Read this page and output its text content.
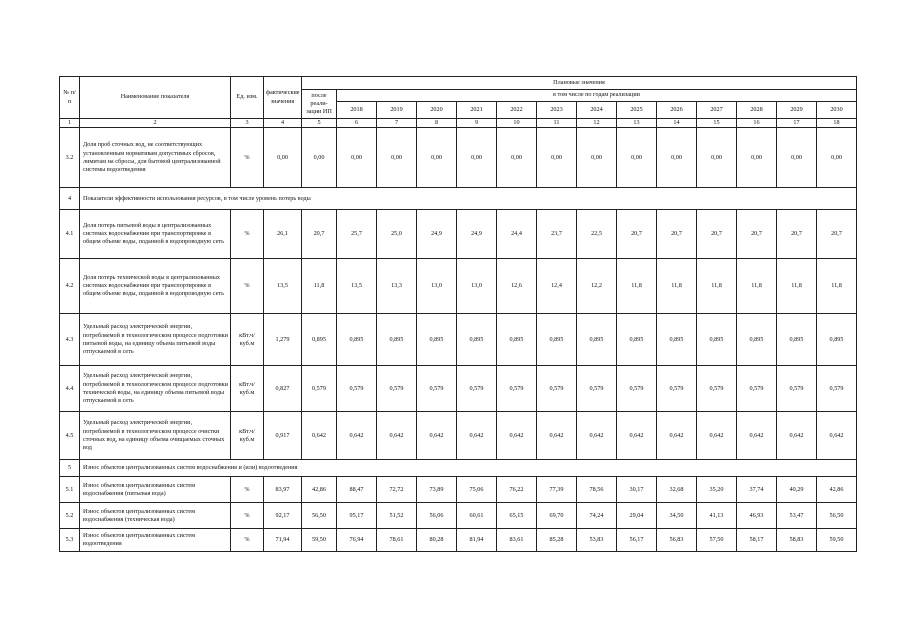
№ п/п	Наименование показателя	Ед. изм.	фактические значения	Плановые значения													
				после реали-зации ИП	в том числе по годам реализации												
					2018	2019	2020	2021	2022	2023	2024	2025	2026	2027	2028	2029	2030
1	2	3	4	5	6	7	8	9	10	11	12	13	14	15	16	17	18
3.2	Доля проб сточных вод, не соответствующих установленным нормативам допустимых сбросов, лимитам на сбросы, для бытовой централизованной системы водоотведения	%	0,00	0,00	0,00	0,00	0,00	0,00	0,00	0,00	0,00	0,00	0,00	0,00	0,00	0,00	0,00
4	Показатели эффективности использования ресурсов, в том числе уровень потерь воды																
4.1	Доля потерь питьевой воды в централизованных системах водоснабжения при транспортировке в общем объеме воды, поданной в водопроводную сеть	%	26,1	20,7	25,7	25,0	24,9	24,9	24,4	23,7	22,5	20,7	20,7	20,7	20,7	20,7	20,7
4.2	Доля потерь технической воды в централизованных системах водоснабжения при транспортировке в общем объеме воды, поданной в водопроводную сеть	%	13,5	11,8	13,5	13,3	13,0	13,0	12,6	12,4	12,2	11,8	11,8	11,8	11,8	11,8	11,8
4.3	Удельный расход электрической энергии, потребляемой в технологическом процессе подготовки питьевой воды, на единицу объема питьевой воды отпускаемой в сеть	кВт.ч/куб.м	1,279	0,895	0,895	0,895	0,895	0,895	0,895	0,895	0,895	0,895	0,895	0,895	0,895	0,895	0,895
4.4	Удельный расход электрической энергии, потребляемой в технологическом процессе подготовки технической воды, на единицу объема питьевой воды отпускаемой в сеть	кВт.ч/куб.м	0,827	0,579	0,579	0,579	0,579	0,579	0,579	0,579	0,579	0,579	0,579	0,579	0,579	0,579	0,579
4.5	Удельный расход электрической энергии, потребляемой в технологическом процессе очистки сточных вод, на единицу объема очищаемых сточных вод	кВт.ч/куб.м	0,917	0,642	0,642	0,642	0,642	0,642	0,642	0,642	0,642	0,642	0,642	0,642	0,642	0,642	0,642
5	Износ объектов централизованных систем водоснабжения и (или) водоотведения																
5.1	Износ объектов централизованных систем водоснабжения (питьевая вода)	%	83,97	42,86	88,47	72,72	73,89	75,06	76,22	77,39	78,56	30,17	32,68	35,20	37,74	40,29	42,86
5.2	Износ объектов централизованных систем водоснабжения (техническая вода)	%	92,17	56,50	95,17	51,52	56,06	60,61	65,15	69,70	74,24	29,04	34,50	41,13	46,93	53,47	56,50
5.3	Износ объектов централизованных систем водоотведения	%	71,94	59,50	76,94	78,61	80,28	81,94	83,61	85,28	53,83	56,17	56,83	57,50	58,17	58,83	59,50
